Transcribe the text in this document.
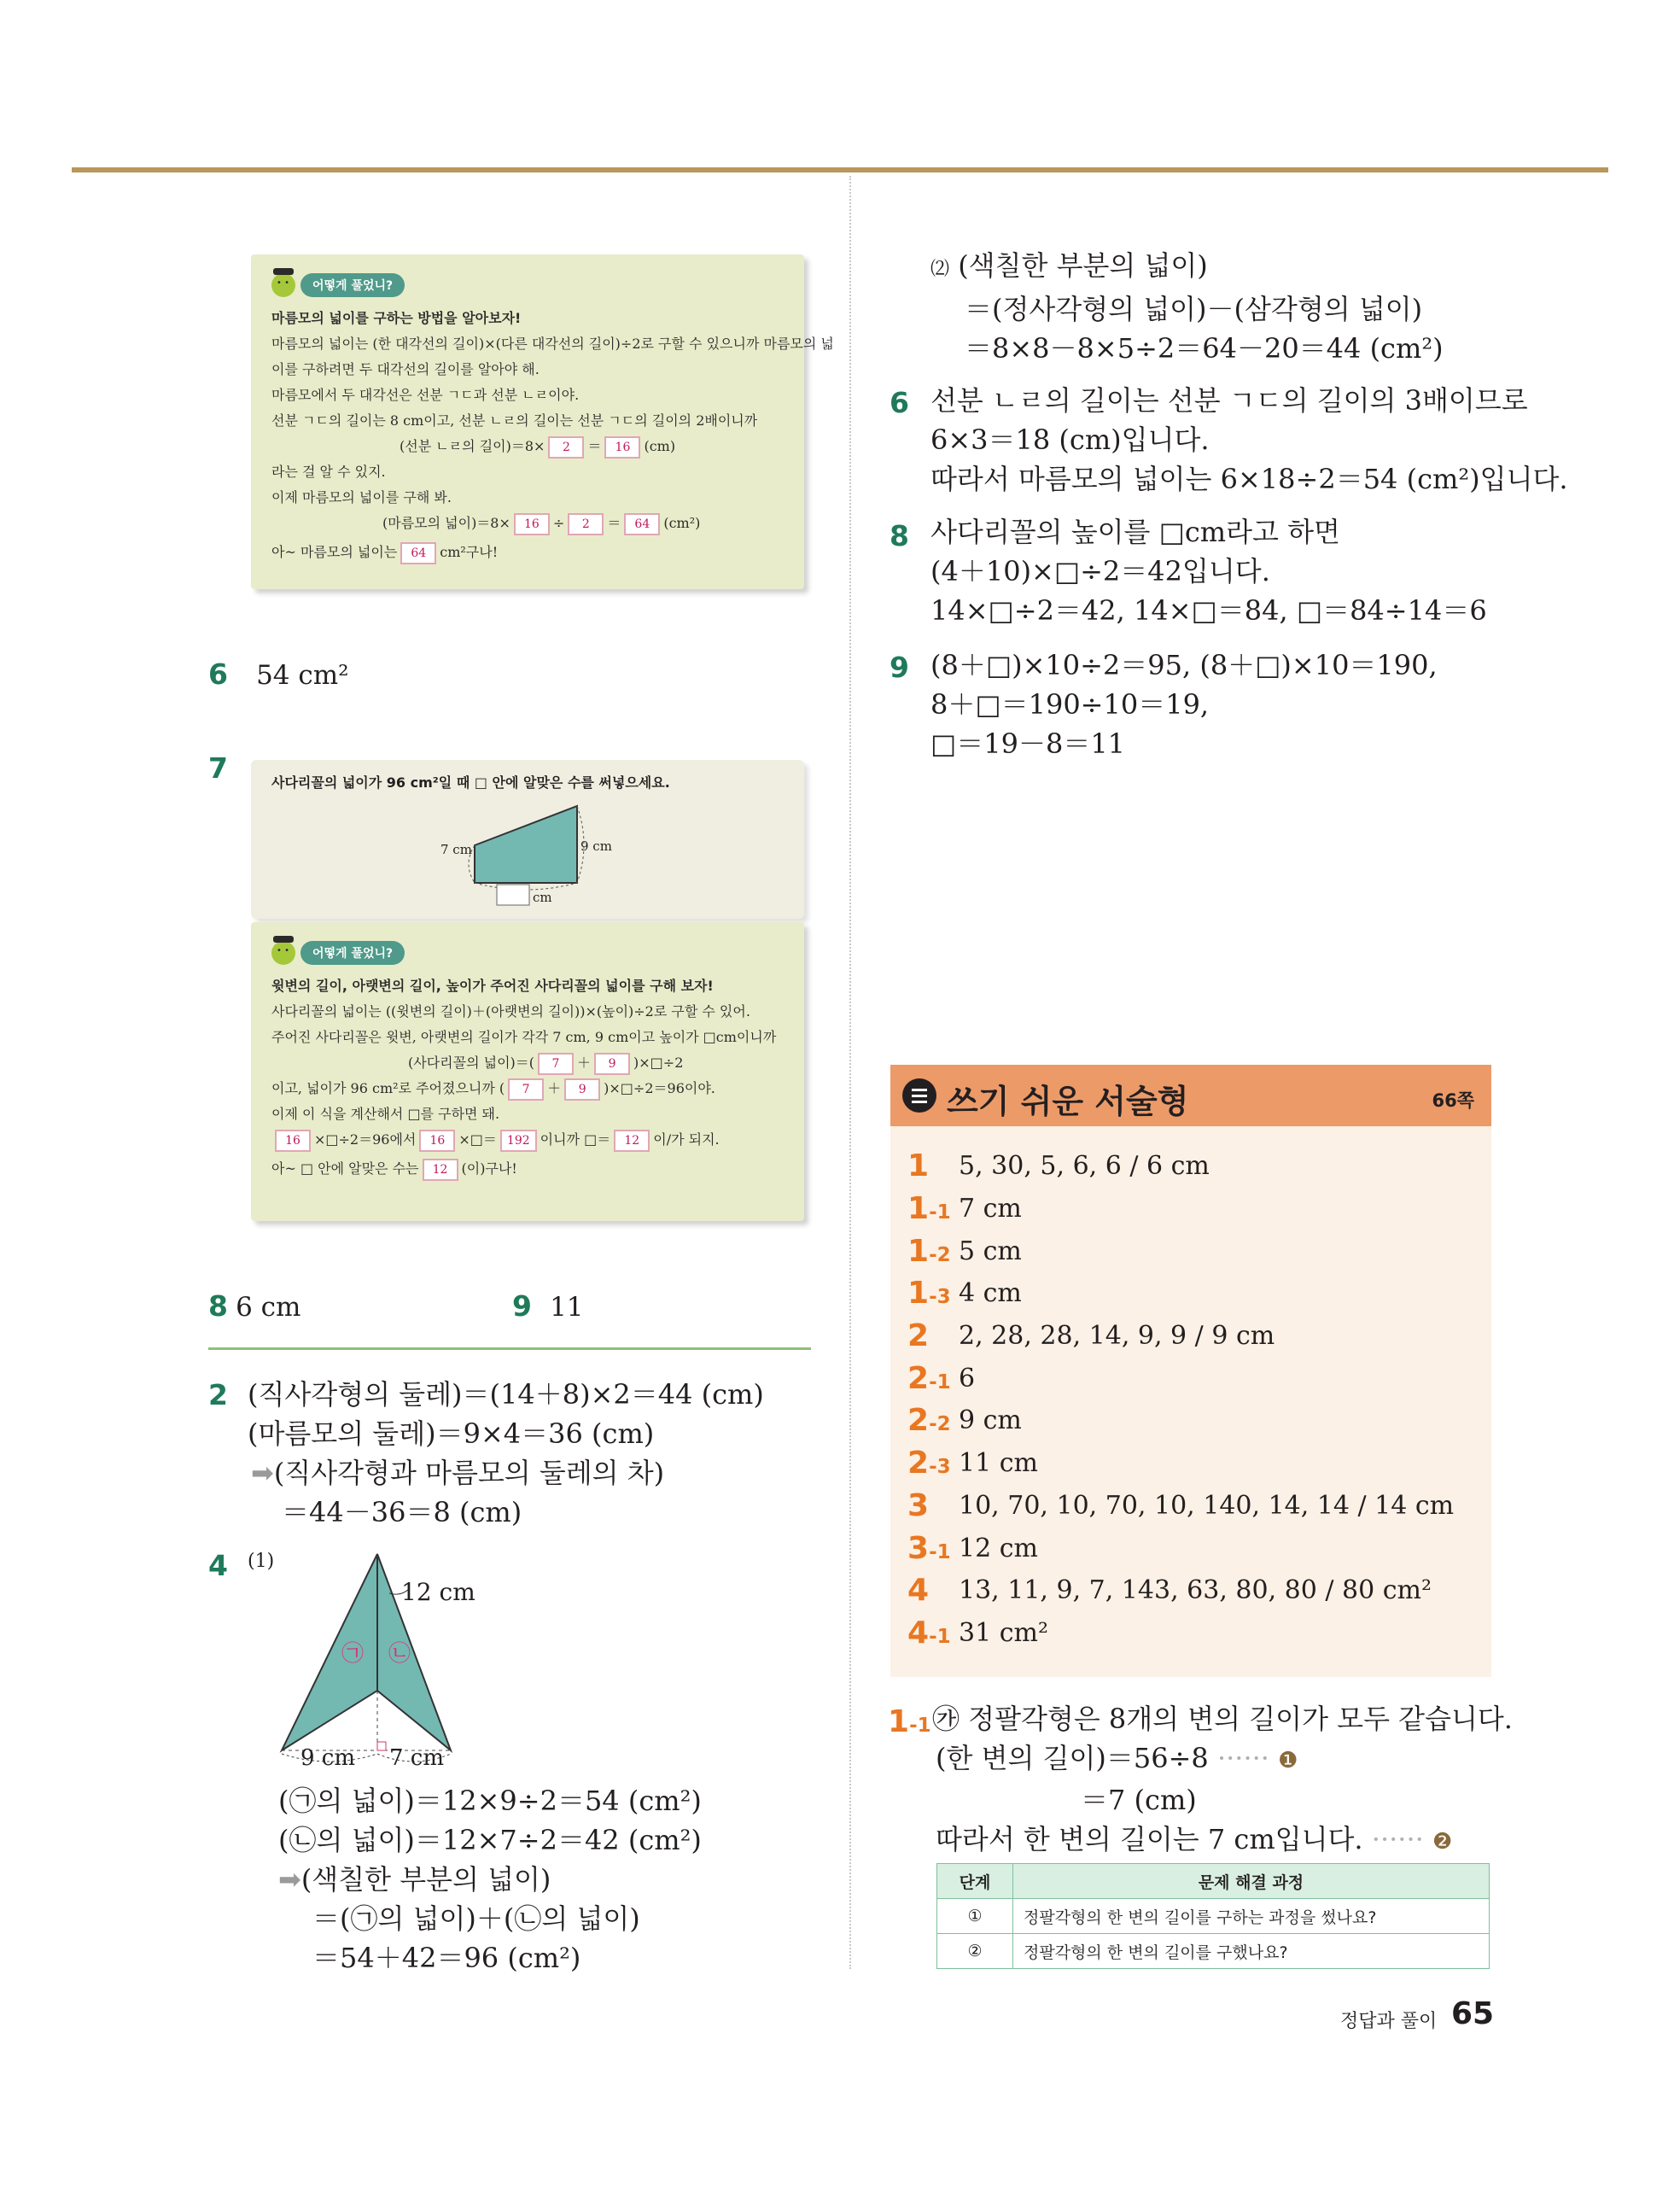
• •
어떻게 풀었니?
마름모의 넓이를 구하는 방법을 알아보자!
마름모의 넓이는 (한 대각선의 길이)×(다른 대각선의 길이)÷2로 구할 수 있으니까 마름모의 넓
이를 구하려면 두 대각선의 길이를 알아야 해.
마름모에서 두 대각선은 선분 ㄱㄷ과 선분 ㄴㄹ이야.
선분 ㄱㄷ의 길이는 8 cm이고, 선분 ㄴㄹ의 길이는 선분 ㄱㄷ의 길이의 2배이니까
(선분 ㄴㄹ의 길이)＝8× 2 ＝ 16 (cm)
라는 걸 알 수 있지.
이제 마름모의 넓이를 구해 봐.
(마름모의 넓이)＝8× 16 ÷ 2 ＝ 64 (cm²)
아~ 마름모의 넓이는 64 cm²구나!
6 54 cm²
7	사다리꼴의 넓이가 96 cm²일 때 □ 안에 알맞은 수를 써넣으세요.
7 cm	9 cm
cm
• •
어떻게 풀었니?
윗변의 길이, 아랫변의 길이, 높이가 주어진 사다리꼴의 넓이를 구해 보자!
사다리꼴의 넓이는 ((윗변의 길이)＋(아랫변의 길이))×(높이)÷2로 구할 수 있어.
주어진 사다리꼴은 윗변, 아랫변의 길이가 각각 7 cm, 9 cm이고 높이가 □cm이니까
(사다리꼴의 넓이)＝( 7 ＋ 9 )×□÷2
이고, 넓이가 96 cm²로 주어졌으니까 ( 7 ＋ 9 )×□÷2＝96이야.
이제 이 식을 계산해서 □를 구하면 돼.
16 ×□÷2＝96에서 16 ×□＝ 192 이니까 □＝ 12 이/가 되지.
아~ □ 안에 알맞은 수는 12 (이)구나!
8 6 cm	9 11
2 (직사각형의 둘레)＝(14＋8)×2＝44 (cm)
(마름모의 둘레)＝9×4＝36 (cm)
➡(직사각형과 마름모의 둘레의 차)
＝44－36＝8 (cm)
4 (1)
12 cm
9 cm 7 cm
㉠ ㉡
(㉠의 넓이)＝12×9÷2＝54 (cm²)
(㉡의 넓이)＝12×7÷2＝42 (cm²)
➡(색칠한 부분의 넓이)
＝(㉠의 넓이)＋(㉡의 넓이)
＝54＋42＝96 (cm²)
⑵ (색칠한 부분의 넓이)
＝(정사각형의 넓이)－(삼각형의 넓이)
＝8×8－8×5÷2＝64－20＝44 (cm²)
6 선분 ㄴㄹ의 길이는 선분 ㄱㄷ의 길이의 3배이므로
6×3＝18 (cm)입니다.
따라서 마름모의 넓이는 6×18÷2＝54 (cm²)입니다.
8 사다리꼴의 높이를 □cm라고 하면
(4＋10)×□÷2＝42입니다.
14×□÷2＝42, 14×□＝84, □＝84÷14＝6
9 (8＋□)×10÷2＝95, (8＋□)×10＝190,
8＋□＝190÷10＝19,
□＝19－8＝11
쓰기 쉬운 서술형	66쪽
1	5, 30, 5, 6, 6 / 6 cm
1-1 7 cm
1-2 5 cm
1-3 4 cm
2	2, 28, 28, 14, 9, 9 / 9 cm
2-1 6
2-2 9 cm
2-3 11 cm
3	10, 70, 10, 70, 10, 140, 14, 14 / 14 cm
3-1 12 cm
4	13, 11, 9, 7, 143, 63, 80, 80 / 80 cm²
4-1 31 cm²
1-1 ㉮ 정팔각형은 8개의 변의 길이가 모두 같습니다.
(한 변의 길이)＝56÷8 ······ ❶
＝7 (cm)
따라서 한 변의 길이는 7 cm입니다. ······ ❷
단계	문제 해결 과정
①	정팔각형의 한 변의 길이를 구하는 과정을 썼나요?
②	정팔각형의 한 변의 길이를 구했나요?
정답과 풀이 65
